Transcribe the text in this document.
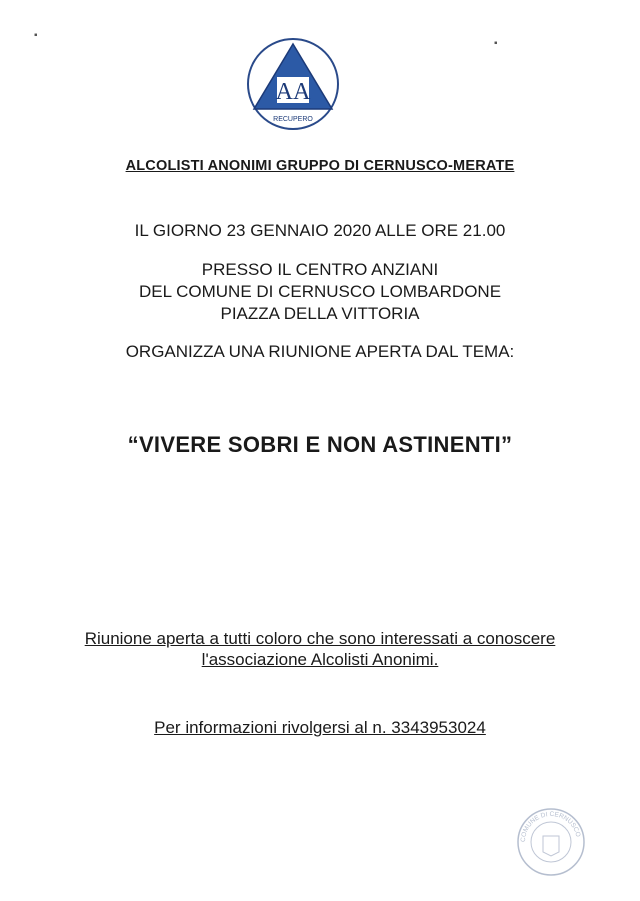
▪
▪
AA
UNITÀ
SERVIZIO
RECUPERO
ALCOLISTI ANONIMI GRUPPO DI CERNUSCO-MERATE
IL GIORNO 23 GENNAIO 2020 ALLE ORE 21.00
PRESSO IL CENTRO ANZIANI
DEL COMUNE DI CERNUSCO LOMBARDONE
PIAZZA DELLA VITTORIA
ORGANIZZA UNA RIUNIONE APERTA DAL TEMA:
“VIVERE SOBRI E NON ASTINENTI”
Riunione aperta a tutti coloro che sono interessati a conoscere
l'associazione Alcolisti Anonimi.
Per informazioni rivolgersi al n. 3343953024
COMUNE DI CERNUSCO
